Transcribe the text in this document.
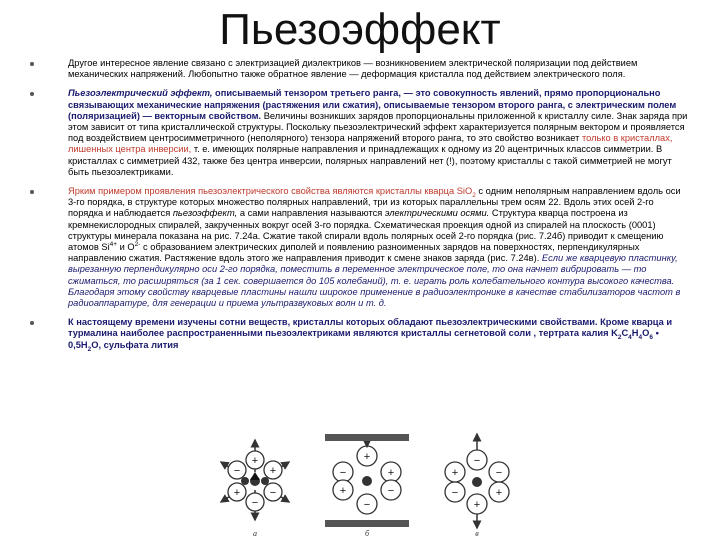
Пьезоэффект
Другое интересное явление связано с электризацией диэлектриков — возникновением электрической поляризации под действием механических напряжений. Любопытно также обратное явление — деформация кристалла под действием электрического поля.
Пьезоэлектрический эффект, описываемый тензором третьего ранга, — это совокупность явлений, прямо пропорционально связывающих механические напряжения (растяжения или сжатия), описываемые тензором второго ранга, с электрическим полем (поляризацией) — векторным свойством. Величины возникших зарядов пропорциональны приложенной к кристаллу силе. Знак заряда при этом зависит от типа кристаллической структуры. Поскольку пьезоэлектрический эффект характеризуется полярным вектором и проявляется под воздействием центросимметричного (неполярного) тензора напряжений второго ранга, то это свойство возникает только в кристаллах, лишенных центра инверсии, т. е. имеющих полярные направления и принадлежащих к одному из 20 ацентричных классов симметрии. В кристаллах с симметрией 432, также без центра инверсии, полярных направлений нет (!), поэтому кристаллы с такой симметрией не могут быть пьезоэлектриками.
Ярким примером проявления пьезоэлектрического свойства являются кристаллы кварца SiO$_2$ с одним неполярным направлением вдоль оси 3-го порядка, в структуре которых множество полярных направлений, три из которых параллельны трем осям 22. Вдоль этих осей 2-го порядка и наблюдается пьезоэффект, а сами направления называются электрическими осями. Структура кварца построена из кремнекислородных спиралей, закрученных вокруг осей 3-го порядка. Схематическая проекция одной из спиралей на плоскость (0001) структуры минерала показана на рис. 7.24а. Сжатие такой спирали вдоль полярных осей 2-го порядка (рис. 7.24б) приводит к смещению атомов $Si^{4+}$ и $O^{2-}$ с образованием электрических диполей и появлению разноименных зарядов на поверхностях, перпендикулярных направлению сжатия. Растяжение вдоль этого же направления приводит к смене знаков заряда (рис. 7.24в). Если же кварцевую пластинку, вырезанную перпендикулярно оси 2-го порядка, поместить в переменное электрическое поле, то она начнет вибрировать — то сжиматься, то расширяться (за 1 сек. совершается до 105 колебаний), т. е. играть роль колебательного контура высокого качества. Благодаря этому свойству кварцевые пластины нашли широкое применение в радиоэлектронике в качестве стабилизаторов частот в радиоаппаратуре, для генерации и приема ультразвуковых волн и т. д.
К настоящему времени изучены сотни веществ, кристаллы которых обладают пьезоэлектрическими свойствами. Кроме кварца и турмалина наиболее распространенными пьезоэлектриками являются кристаллы сегнетовой соли , тертрата калия $K_2C_4H_4O_6$ • $0,5H_2O$, сульфата лития
+
−
−	+
+	−
а
+
−
−	+
+	−
б
−
+
+	−
−	+
в
